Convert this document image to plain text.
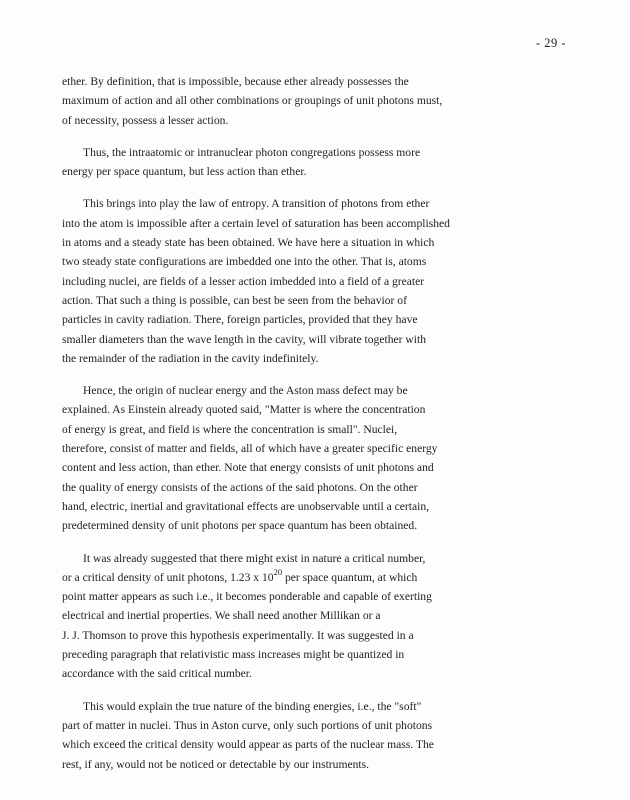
- 29 -

ether. By definition, that is impossible, because ether already possesses the
maximum of action and all other combinations or groupings of unit photons must,
of necessity, possess a lesser action.

Thus, the intraatomic or intranuclear photon congregations possess more
energy per space quantum, but less action than ether.

This brings into play the law of entropy. A transition of photons from ether
into the atom is impossible after a certain level of saturation has been accomplished
in atoms and a steady state has been obtained. We have here a situation in which
two steady state configurations are imbedded one into the other. That is, atoms
including nuclei, are fields of a lesser action imbedded into a field of a greater
action. That such a thing is possible, can best be seen from the behavior of
particles in cavity radiation. There, foreign particles, provided that they have
smaller diameters than the wave length in the cavity, will vibrate together with
the remainder of the radiation in the cavity indefinitely.

Hence, the origin of nuclear energy and the Aston mass defect may be
explained. As Einstein already quoted said, "Matter is where the concentration
of energy is great, and field is where the concentration is small". Nuclei,
therefore, consist of matter and fields, all of which have a greater specific energy
content and less action, than ether. Note that energy consists of unit photons and
the quality of energy consists of the actions of the said photons. On the other
hand, electric, inertial and gravitational effects are unobservable until a certain,
predetermined density of unit photons per space quantum has been obtained.

It was already suggested that there might exist in nature a critical number,
or a critical density of unit photons, 1.23 x $10^{20}$ per space quantum, at which
point matter appears as such i.e., it becomes ponderable and capable of exerting
electrical and inertial properties. We shall need another Millikan or a
J. J. Thomson to prove this hypothesis experimentally. It was suggested in a
preceding paragraph that relativistic mass increases might be quantized in
accordance with the said critical number.

This would explain the true nature of the binding energies, i.e., the "soft"
part of matter in nuclei. Thus in Aston curve, only such portions of unit photons
which exceed the critical density would appear as parts of the nuclear mass. The
rest, if any, would not be noticed or detectable by our instruments.
